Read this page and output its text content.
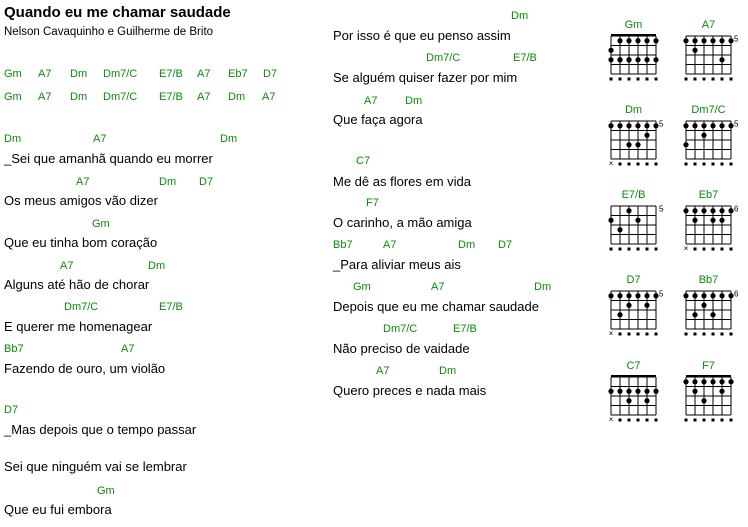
Quando eu me chamar saudade
Nelson Cavaquinho e Guilherme de Brito
Gm A7 Dm Dm7/C E7/B A7 Eb7 D7
Gm A7 Dm Dm7/C E7/B A7 Dm A7
Dm	A7	Dm
_Sei que amanhã quando eu morrer
A7	Dm D7
Os meus amigos vão dizer
Gm
Que eu tinha bom coração
A7	Dm
Alguns até hão de chorar
Dm7/C	E7/B
E querer me homenagear
Bb7	A7
Fazendo de ouro, um violão
D7
_Mas depois que o tempo passar
Sei que ninguém vai se lembrar
Gm
Que eu fui embora
Dm
Por isso é que eu penso assim
Dm7/C	E7/B
Se alguém quiser fazer por mim
A7	Dm
Que faça agora
C7
Me dê as flores em vida
F7
O carinho, a mão amiga
Bb7	A7	Dm D7
_Para aliviar meus ais
Gm	A7	Dm
Depois que eu me chamar saudade
Dm7/C	E7/B
Não preciso de vaidade
A7	Dm
Quero preces e nada mais
Gm	A7
5
Dm
×
5
Dm7/C
5
E7/B
5
Eb7
×
6
D7
×
5
Bb7
6
C7
×
F7
